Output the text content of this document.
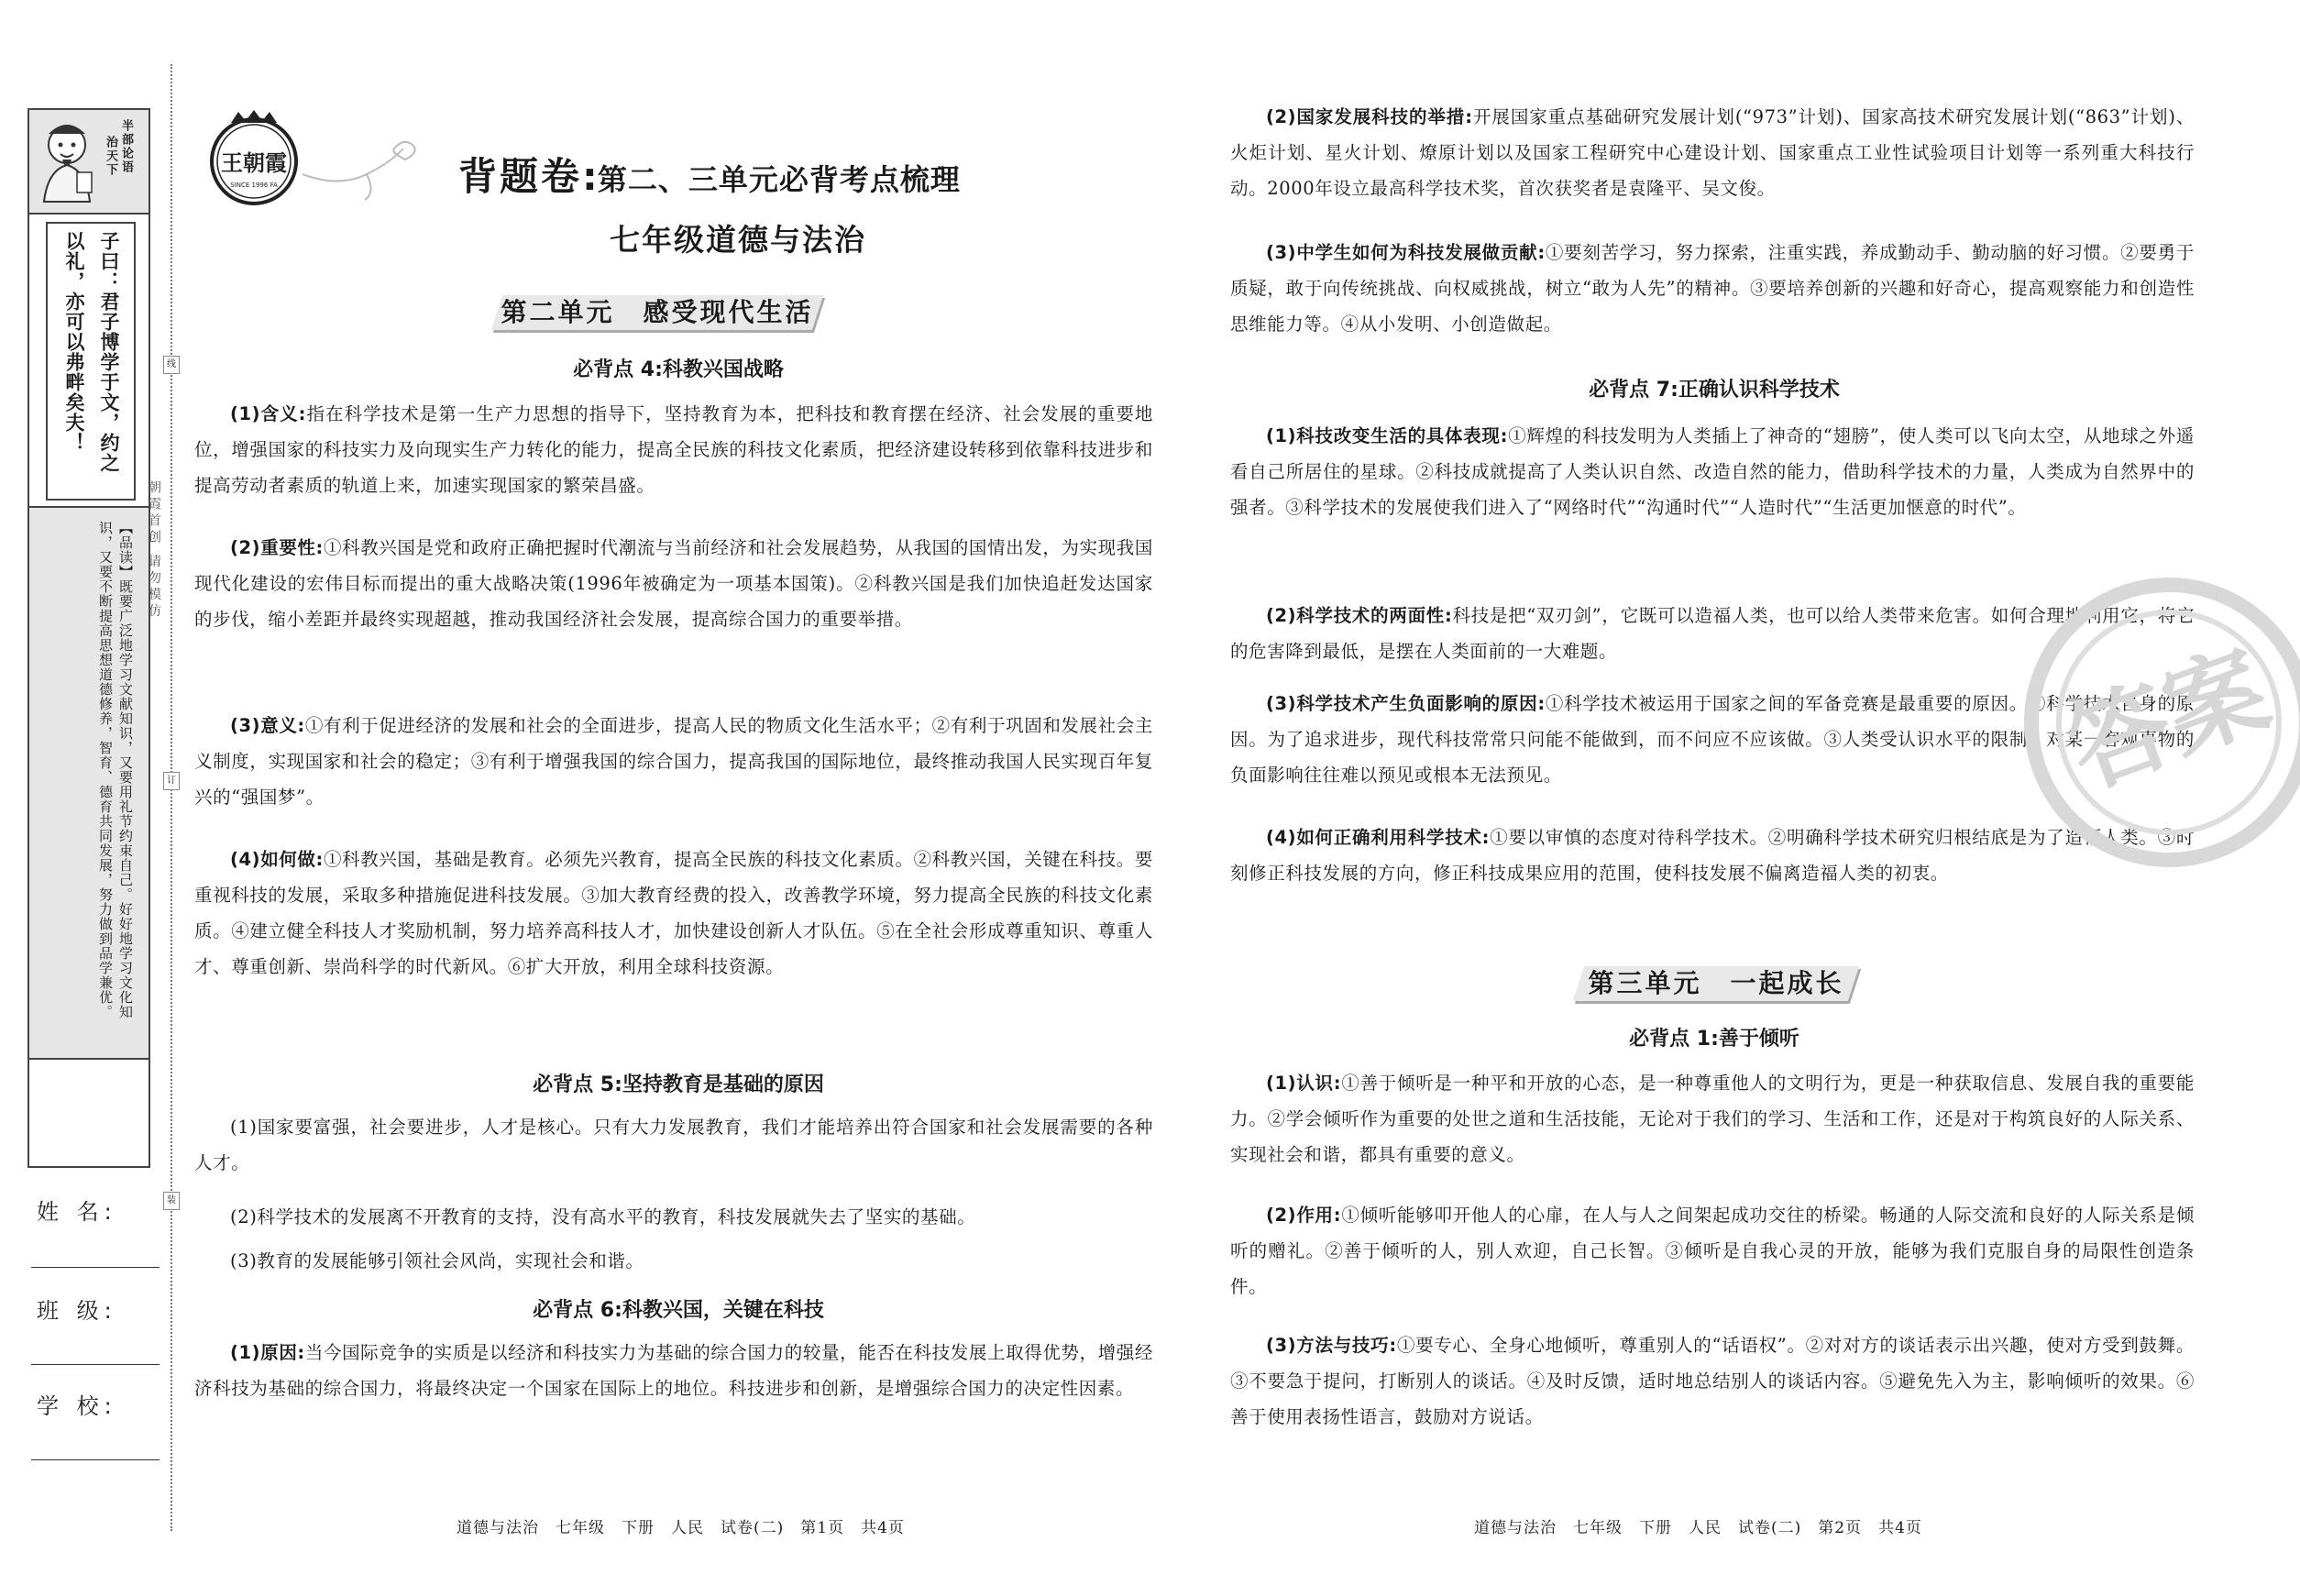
半部论语
治天下
子曰：君子博学于文，约之
以礼，亦可以弗畔矣夫！
【品读】既要广泛地学习文献知识，又要用礼节约束自己。好好地学习文化知识，又要不断提高思想道德修养，智育、德育共同发展，努力做到品学兼优。
姓 名:
班 级:
学 校:
线
订
装
朝霞首创 请勿模仿
王朝霞
SINCE 1996 FA	背题卷:第二、三单元必背考点梳理
七年级道德与法治
第二单元　感受现代生活
必背点 4:科教兴国战略

(1)含义:指在科学技术是第一生产力思想的指导下，坚持教育为本，把科技和教育摆在经济、社会发展的重要地位，增强国家的科技实力及向现实生产力转化的能力，提高全民族的科技文化素质，把经济建设转移到依靠科技进步和提高劳动者素质的轨道上来，加速实现国家的繁荣昌盛。

(2)重要性:①科教兴国是党和政府正确把握时代潮流与当前经济和社会发展趋势，从我国的国情出发，为实现我国现代化建设的宏伟目标而提出的重大战略决策(1996年被确定为一项基本国策)。②科教兴国是我们加快追赶发达国家的步伐，缩小差距并最终实现超越，推动我国经济社会发展，提高综合国力的重要举措。

(3)意义:①有利于促进经济的发展和社会的全面进步，提高人民的物质文化生活水平；②有利于巩固和发展社会主义制度，实现国家和社会的稳定；③有利于增强我国的综合国力，提高我国的国际地位，最终推动我国人民实现百年复兴的“强国梦”。

(4)如何做:①科教兴国，基础是教育。必须先兴教育，提高全民族的科技文化素质。②科教兴国，关键在科技。要重视科技的发展，采取多种措施促进科技发展。③加大教育经费的投入，改善教学环境，努力提高全民族的科技文化素质。④建立健全科技人才奖励机制，努力培养高科技人才，加快建设创新人才队伍。⑤在全社会形成尊重知识、尊重人才、尊重创新、崇尚科学的时代新风。⑥扩大开放，利用全球科技资源。

必背点 5:坚持教育是基础的原因

(1)国家要富强，社会要进步，人才是核心。只有大力发展教育，我们才能培养出符合国家和社会发展需要的各种人才。

(2)科学技术的发展离不开教育的支持，没有高水平的教育，科技发展就失去了坚实的基础。

(3)教育的发展能够引领社会风尚，实现社会和谐。

必背点 6:科教兴国，关键在科技

(1)原因:当今国际竞争的实质是以经济和科技实力为基础的综合国力的较量，能否在科技发展上取得优势，增强经济科技为基础的综合国力，将最终决定一个国家在国际上的地位。科技进步和创新，是增强综合国力的决定性因素。

道德与法治　七年级　下册　人民　试卷(二)　第1页　共4页

(2)国家发展科技的举措:开展国家重点基础研究发展计划(“973”计划)、国家高技术研究发展计划(“863”计划)、火炬计划、星火计划、燎原计划以及国家工程研究中心建设计划、国家重点工业性试验项目计划等一系列重大科技行动。2000年设立最高科学技术奖，首次获奖者是袁隆平、吴文俊。

(3)中学生如何为科技发展做贡献:①要刻苦学习，努力探索，注重实践，养成勤动手、勤动脑的好习惯。②要勇于质疑，敢于向传统挑战、向权威挑战，树立“敢为人先”的精神。③要培养创新的兴趣和好奇心，提高观察能力和创造性思维能力等。④从小发明、小创造做起。

必背点 7:正确认识科学技术

(1)科技改变生活的具体表现:①辉煌的科技发明为人类插上了神奇的“翅膀”，使人类可以飞向太空，从地球之外遥看自己所居住的星球。②科技成就提高了人类认识自然、改造自然的能力，借助科学技术的力量，人类成为自然界中的强者。③科学技术的发展使我们进入了“网络时代”“沟通时代”“人造时代”“生活更加惬意的时代”。

(2)科学技术的两面性:科技是把“双刃剑”，它既可以造福人类，也可以给人类带来危害。如何合理地利用它，将它的危害降到最低，是摆在人类面前的一大难题。

(3)科学技术产生负面影响的原因:①科学技术被运用于国家之间的军备竞赛是最重要的原因。②科学技术自身的原因。为了追求进步，现代科技常常只问能不能做到，而不问应不应该做。③人类受认识水平的限制，对某一客观事物的负面影响往往难以预见或根本无法预见。

(4)如何正确利用科学技术:①要以审慎的态度对待科学技术。②明确科学技术研究归根结底是为了造福人类。③时刻修正科技发展的方向，修正科技成果应用的范围，使科技发展不偏离造福人类的初衷。

第三单元　一起成长
必背点 1:善于倾听

(1)认识:①善于倾听是一种平和开放的心态，是一种尊重他人的文明行为，更是一种获取信息、发展自我的重要能力。②学会倾听作为重要的处世之道和生活技能，无论对于我们的学习、生活和工作，还是对于构筑良好的人际关系、实现社会和谐，都具有重要的意义。

(2)作用:①倾听能够叩开他人的心扉，在人与人之间架起成功交往的桥梁。畅通的人际交流和良好的人际关系是倾听的赠礼。②善于倾听的人，别人欢迎，自己长智。③倾听是自我心灵的开放，能够为我们克服自身的局限性创造条件。

(3)方法与技巧:①要专心、全身心地倾听，尊重别人的“话语权”。②对对方的谈话表示出兴趣，使对方受到鼓舞。③不要急于提问，打断别人的谈话。④及时反馈，适时地总结别人的谈话内容。⑤避免先入为主，影响倾听的效果。⑥善于使用表扬性语言，鼓励对方说话。

道德与法治　七年级　下册　人民　试卷(二)　第2页　共4页
答案
